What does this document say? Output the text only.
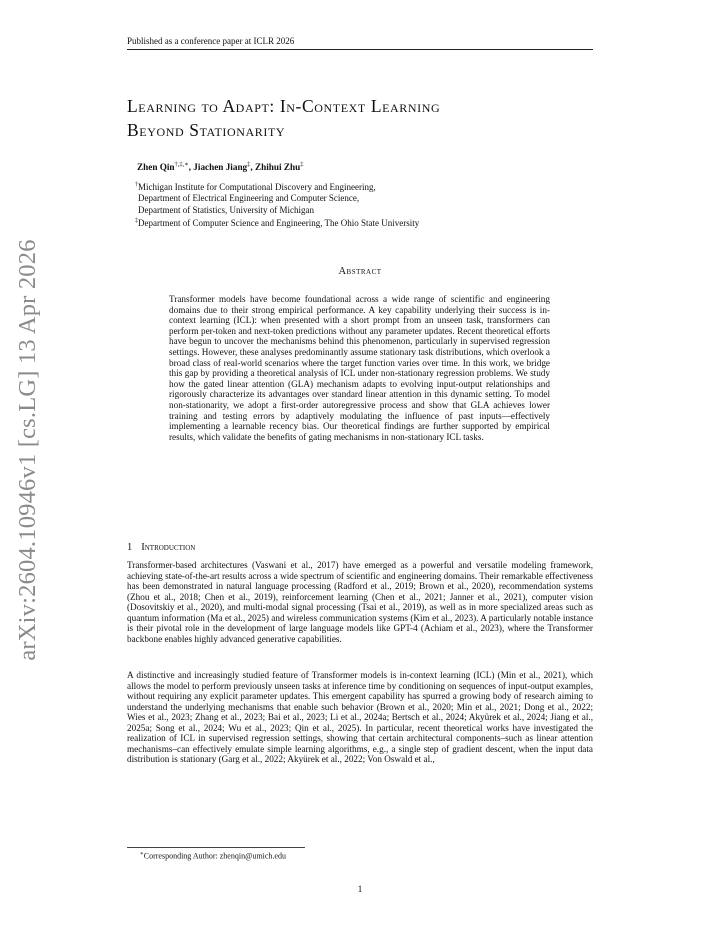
Published as a conference paper at ICLR 2026
arXiv:2604.10946v1 [cs.LG] 13 Apr 2026
Learning to Adapt: In-Context Learning
Beyond Stationarity
Zhen Qin†,‡,∗, Jiachen Jiang‡, Zhihui Zhu‡
†Michigan Institute for Computational Discovery and Engineering,
Department of Electrical Engineering and Computer Science,
Department of Statistics, University of Michigan
‡Department of Computer Science and Engineering, The Ohio State University
Abstract
Transformer models have become foundational across a wide range of scientific and engineering domains due to their strong empirical performance. A key capability underlying their success is in-context learning (ICL): when presented with a short prompt from an unseen task, transformers can perform per-token and next-token predictions without any parameter updates. Recent theoretical efforts have begun to uncover the mechanisms behind this phenomenon, particularly in supervised regression settings. However, these analyses predominantly assume stationary task distributions, which overlook a broad class of real-world scenarios where the target function varies over time. In this work, we bridge this gap by providing a theoretical analysis of ICL under non-stationary regression problems. We study how the gated linear attention (GLA) mechanism adapts to evolving input-output relationships and rigorously characterize its advantages over standard linear attention in this dynamic setting. To model non-stationarity, we adopt a first-order autoregressive process and show that GLA achieves lower training and testing errors by adaptively modulating the influence of past inputs—effectively implementing a learnable recency bias. Our theoretical findings are further supported by empirical results, which validate the benefits of gating mechanisms in non-stationary ICL tasks.
1 Introduction
Transformer-based architectures (Vaswani et al., 2017) have emerged as a powerful and versatile modeling framework, achieving state-of-the-art results across a wide spectrum of scientific and engineering domains. Their remarkable effectiveness has been demonstrated in natural language processing (Radford et al., 2019; Brown et al., 2020), recommendation systems (Zhou et al., 2018; Chen et al., 2019), reinforcement learning (Chen et al., 2021; Janner et al., 2021), computer vision (Dosovitskiy et al., 2020), and multi-modal signal processing (Tsai et al., 2019), as well as in more specialized areas such as quantum information (Ma et al., 2025) and wireless communication systems (Kim et al., 2023). A particularly notable instance is their pivotal role in the development of large language models like GPT-4 (Achiam et al., 2023), where the Transformer backbone enables highly advanced generative capabilities.
A distinctive and increasingly studied feature of Transformer models is in-context learning (ICL) (Min et al., 2021), which allows the model to perform previously unseen tasks at inference time by conditioning on sequences of input-output examples, without requiring any explicit parameter updates. This emergent capability has spurred a growing body of research aiming to understand the underlying mechanisms that enable such behavior (Brown et al., 2020; Min et al., 2021; Dong et al., 2022; Wies et al., 2023; Zhang et al., 2023; Bai et al., 2023; Li et al., 2024a; Bertsch et al., 2024; Akyürek et al., 2024; Jiang et al., 2025a; Song et al., 2024; Wu et al., 2023; Qin et al., 2025). In particular, recent theoretical works have investigated the realization of ICL in supervised regression settings, showing that certain architectural components–such as linear attention mechanisms–can effectively emulate simple learning algorithms, e.g., a single step of gradient descent, when the input data distribution is stationary (Garg et al., 2022; Akyürek et al., 2022; Von Oswald et al.,
∗Corresponding Author: zhenqin@umich.edu
1
